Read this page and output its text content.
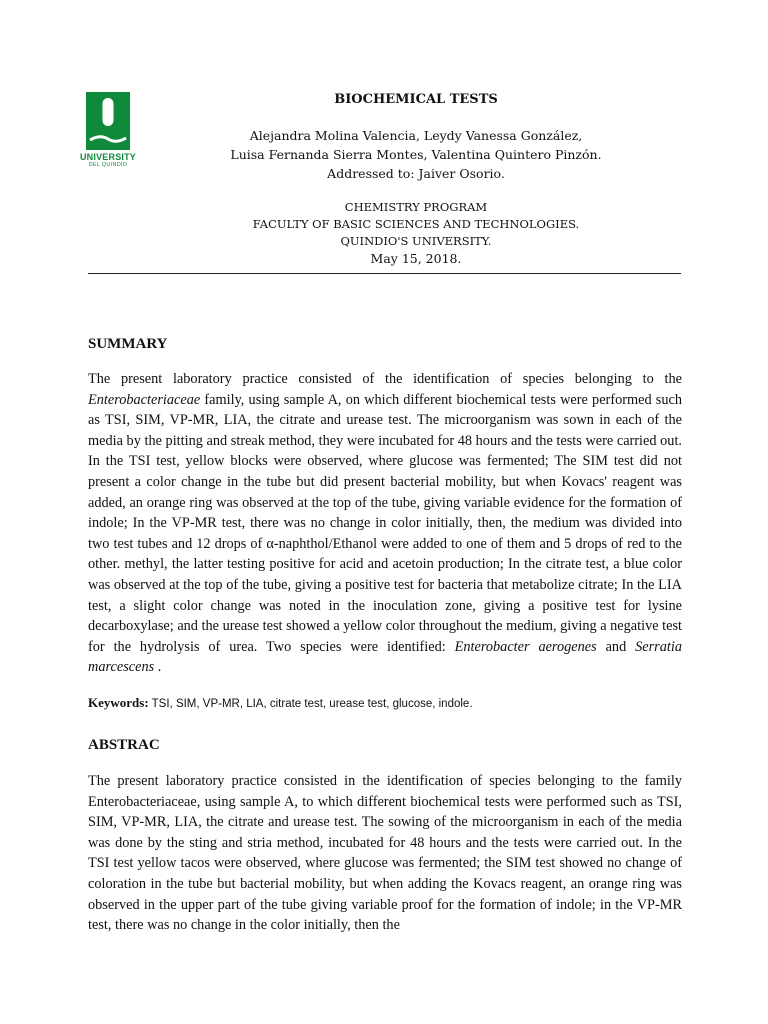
UNIVERSITY
DEL QUINDÍO
BIOCHEMICAL TESTS
Alejandra Molina Valencia, Leydy Vanessa González,
Luisa Fernanda Sierra Montes, Valentina Quintero Pinzón.
Addressed to: Jaiver Osorio.
CHEMISTRY PROGRAM
FACULTY OF BASIC SCIENCES AND TECHNOLOGIES.
QUINDIO'S UNIVERSITY.
May 15, 2018.
SUMMARY

The present laboratory practice consisted of the identification of species belonging to the Enterobacteriaceae family, using sample A, on which different biochemical tests were performed such as TSI, SIM, VP-MR, LIA, the citrate and urease test. The microorganism was sown in each of the media by the pitting and streak method, they were incubated for 48 hours and the tests were carried out. In the TSI test, yellow blocks were observed, where glucose was fermented; The SIM test did not present a color change in the tube but did present bacterial mobility, but when Kovacs' reagent was added, an orange ring was observed at the top of the tube, giving variable evidence for the formation of indole; In the VP-MR test, there was no change in color initially, then, the medium was divided into two test tubes and 12 drops of α-naphthol/Ethanol were added to one of them and 5 drops of red to the other. methyl, the latter testing positive for acid and acetoin production; In the citrate test, a blue color was observed at the top of the tube, giving a positive test for bacteria that metabolize citrate; In the LIA test, a slight color change was noted in the inoculation zone, giving a positive test for lysine decarboxylase; and the urease test showed a yellow color throughout the medium, giving a negative test for the hydrolysis of urea. Two species were identified: Enterobacter aerogenes and Serratia marcescens .

Keywords: TSI, SIM, VP-MR, LIA, citrate test, urease test, glucose, indole.
ABSTRAC

The present laboratory practice consisted in the identification of species belonging to the family Enterobacteriaceae, using sample A, to which different biochemical tests were performed such as TSI, SIM, VP-MR, LIA, the citrate and urease test. The sowing of the microorganism in each of the media was done by the sting and stria method, incubated for 48 hours and the tests were carried out. In the TSI test yellow tacos were observed, where glucose was fermented; the SIM test showed no change of coloration in the tube but bacterial mobility, but when adding the Kovacs reagent, an orange ring was observed in the upper part of the tube giving variable proof for the formation of indole; in the VP-MR test, there was no change in the color initially, then the
